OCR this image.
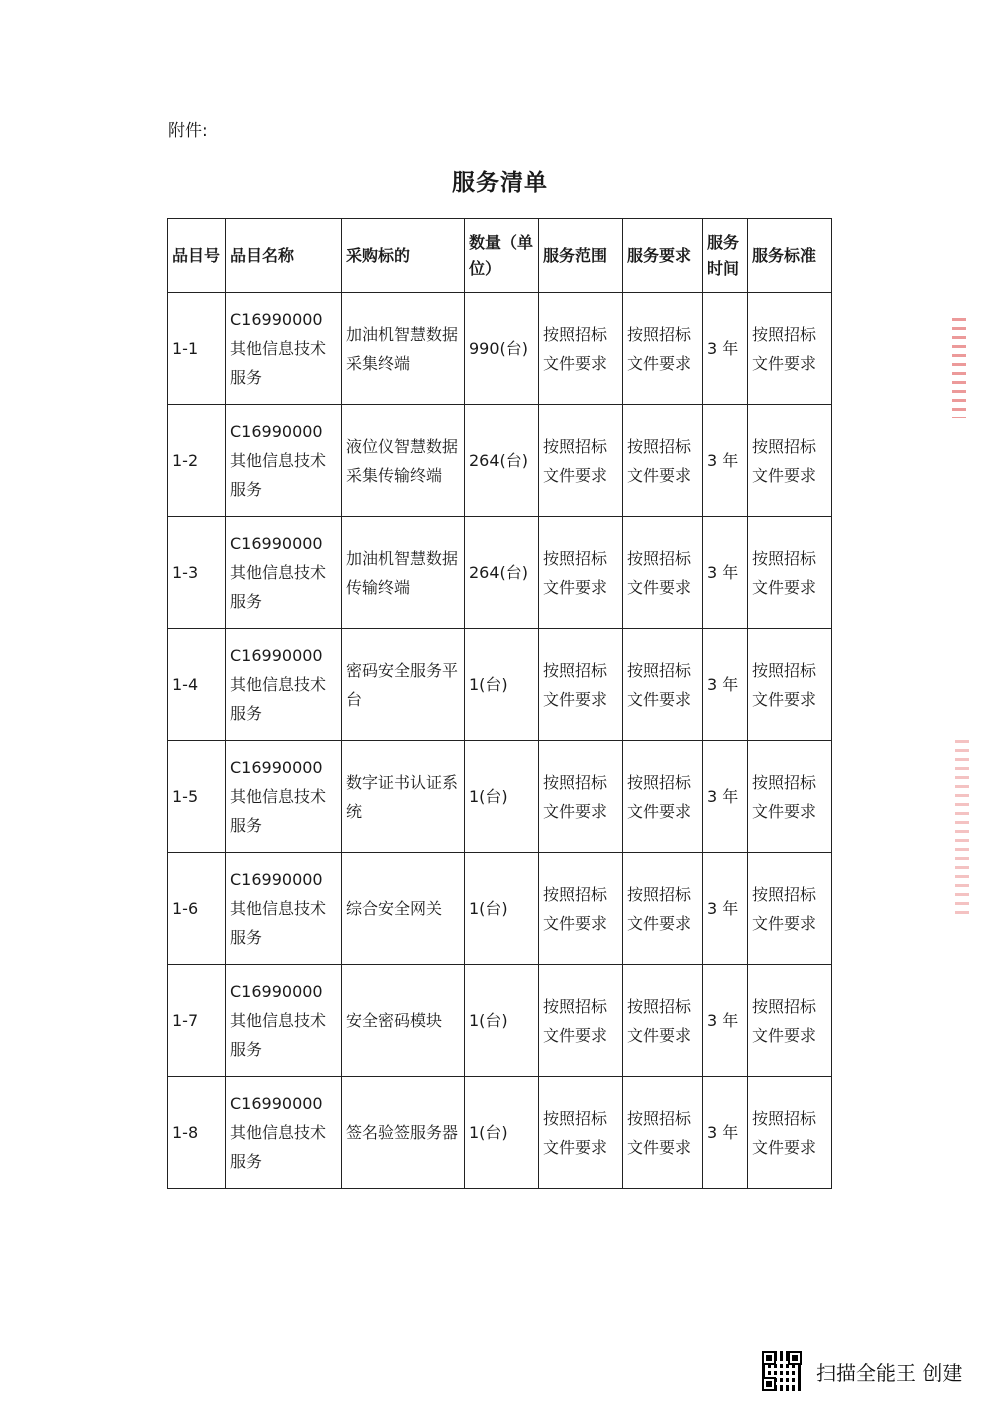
附件:
服务清单
品目号	品目名称	采购标的	数量（单位）	服务范围	服务要求	服务时间	服务标准
1-1	C16990000其他信息技术服务	加油机智慧数据采集终端	990(台)	按照招标文件要求	按照招标文件要求	3 年	按照招标文件要求
1-2	C16990000其他信息技术服务	液位仪智慧数据采集传输终端	264(台)	按照招标文件要求	按照招标文件要求	3 年	按照招标文件要求
1-3	C16990000其他信息技术服务	加油机智慧数据传输终端	264(台)	按照招标文件要求	按照招标文件要求	3 年	按照招标文件要求
1-4	C16990000其他信息技术服务	密码安全服务平台	1(台)	按照招标文件要求	按照招标文件要求	3 年	按照招标文件要求
1-5	C16990000其他信息技术服务	数字证书认证系统	1(台)	按照招标文件要求	按照招标文件要求	3 年	按照招标文件要求
1-6	C16990000其他信息技术服务	综合安全网关	1(台)	按照招标文件要求	按照招标文件要求	3 年	按照招标文件要求
1-7	C16990000其他信息技术服务	安全密码模块	1(台)	按照招标文件要求	按照招标文件要求	3 年	按照招标文件要求
1-8	C16990000其他信息技术服务	签名验签服务器	1(台)	按照招标文件要求	按照招标文件要求	3 年	按照招标文件要求
扫描全能王 创建
